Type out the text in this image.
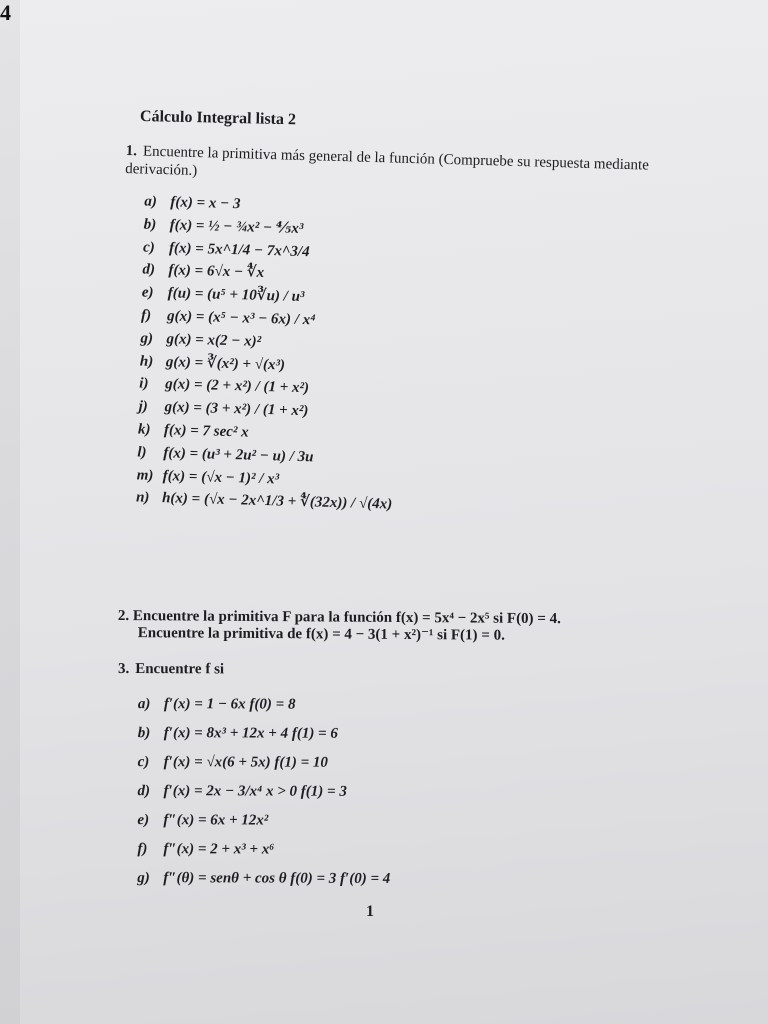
4
Cálculo Integral lista 2
1. Encuentre la primitiva más general de la función (Compruebe su respuesta mediante derivación.)
a) f(x) = x − 3
b) f(x) = ½ − ¾x² − ⅘x³
c) f(x) = 5x^1/4 − 7x^3/4
d) f(x) = 6√x − ∜x
e) f(u) = (u⁵ + 10∛u) / u³
f) g(x) = (x⁵ − x³ − 6x) / x⁴
g) g(x) = x(2 − x)²
h) g(x) = ∛(x²) + √(x³)
i) g(x) = (2 + x²) / (1 + x²)
j) g(x) = (3 + x²) / (1 + x²)
k) f(x) = 7 sec² x
l) f(x) = (u³ + 2u² − u) / 3u
m) f(x) = (√x − 1)² / x³
n) h(x) = (√x − 2x^1/3 + ∜(32x)) / √(4x)
2. Encuentre la primitiva F para la función f(x) = 5x⁴ − 2x⁵ si F(0) = 4.
Encuentre la primitiva de f(x) = 4 − 3(1 + x²)⁻¹ si F(1) = 0.
3. Encuentre f si
a) f′(x) = 1 − 6x f(0) = 8
b) f′(x) = 8x³ + 12x + 4 f(1) = 6
c) f′(x) = √x(6 + 5x) f(1) = 10
d) f′(x) = 2x − 3/x⁴ x > 0 f(1) = 3
e) f″(x) = 6x + 12x²
f) f″(x) = 2 + x³ + x⁶
g) f″(θ) = senθ + cos θ f(0) = 3 f′(0) = 4
1
